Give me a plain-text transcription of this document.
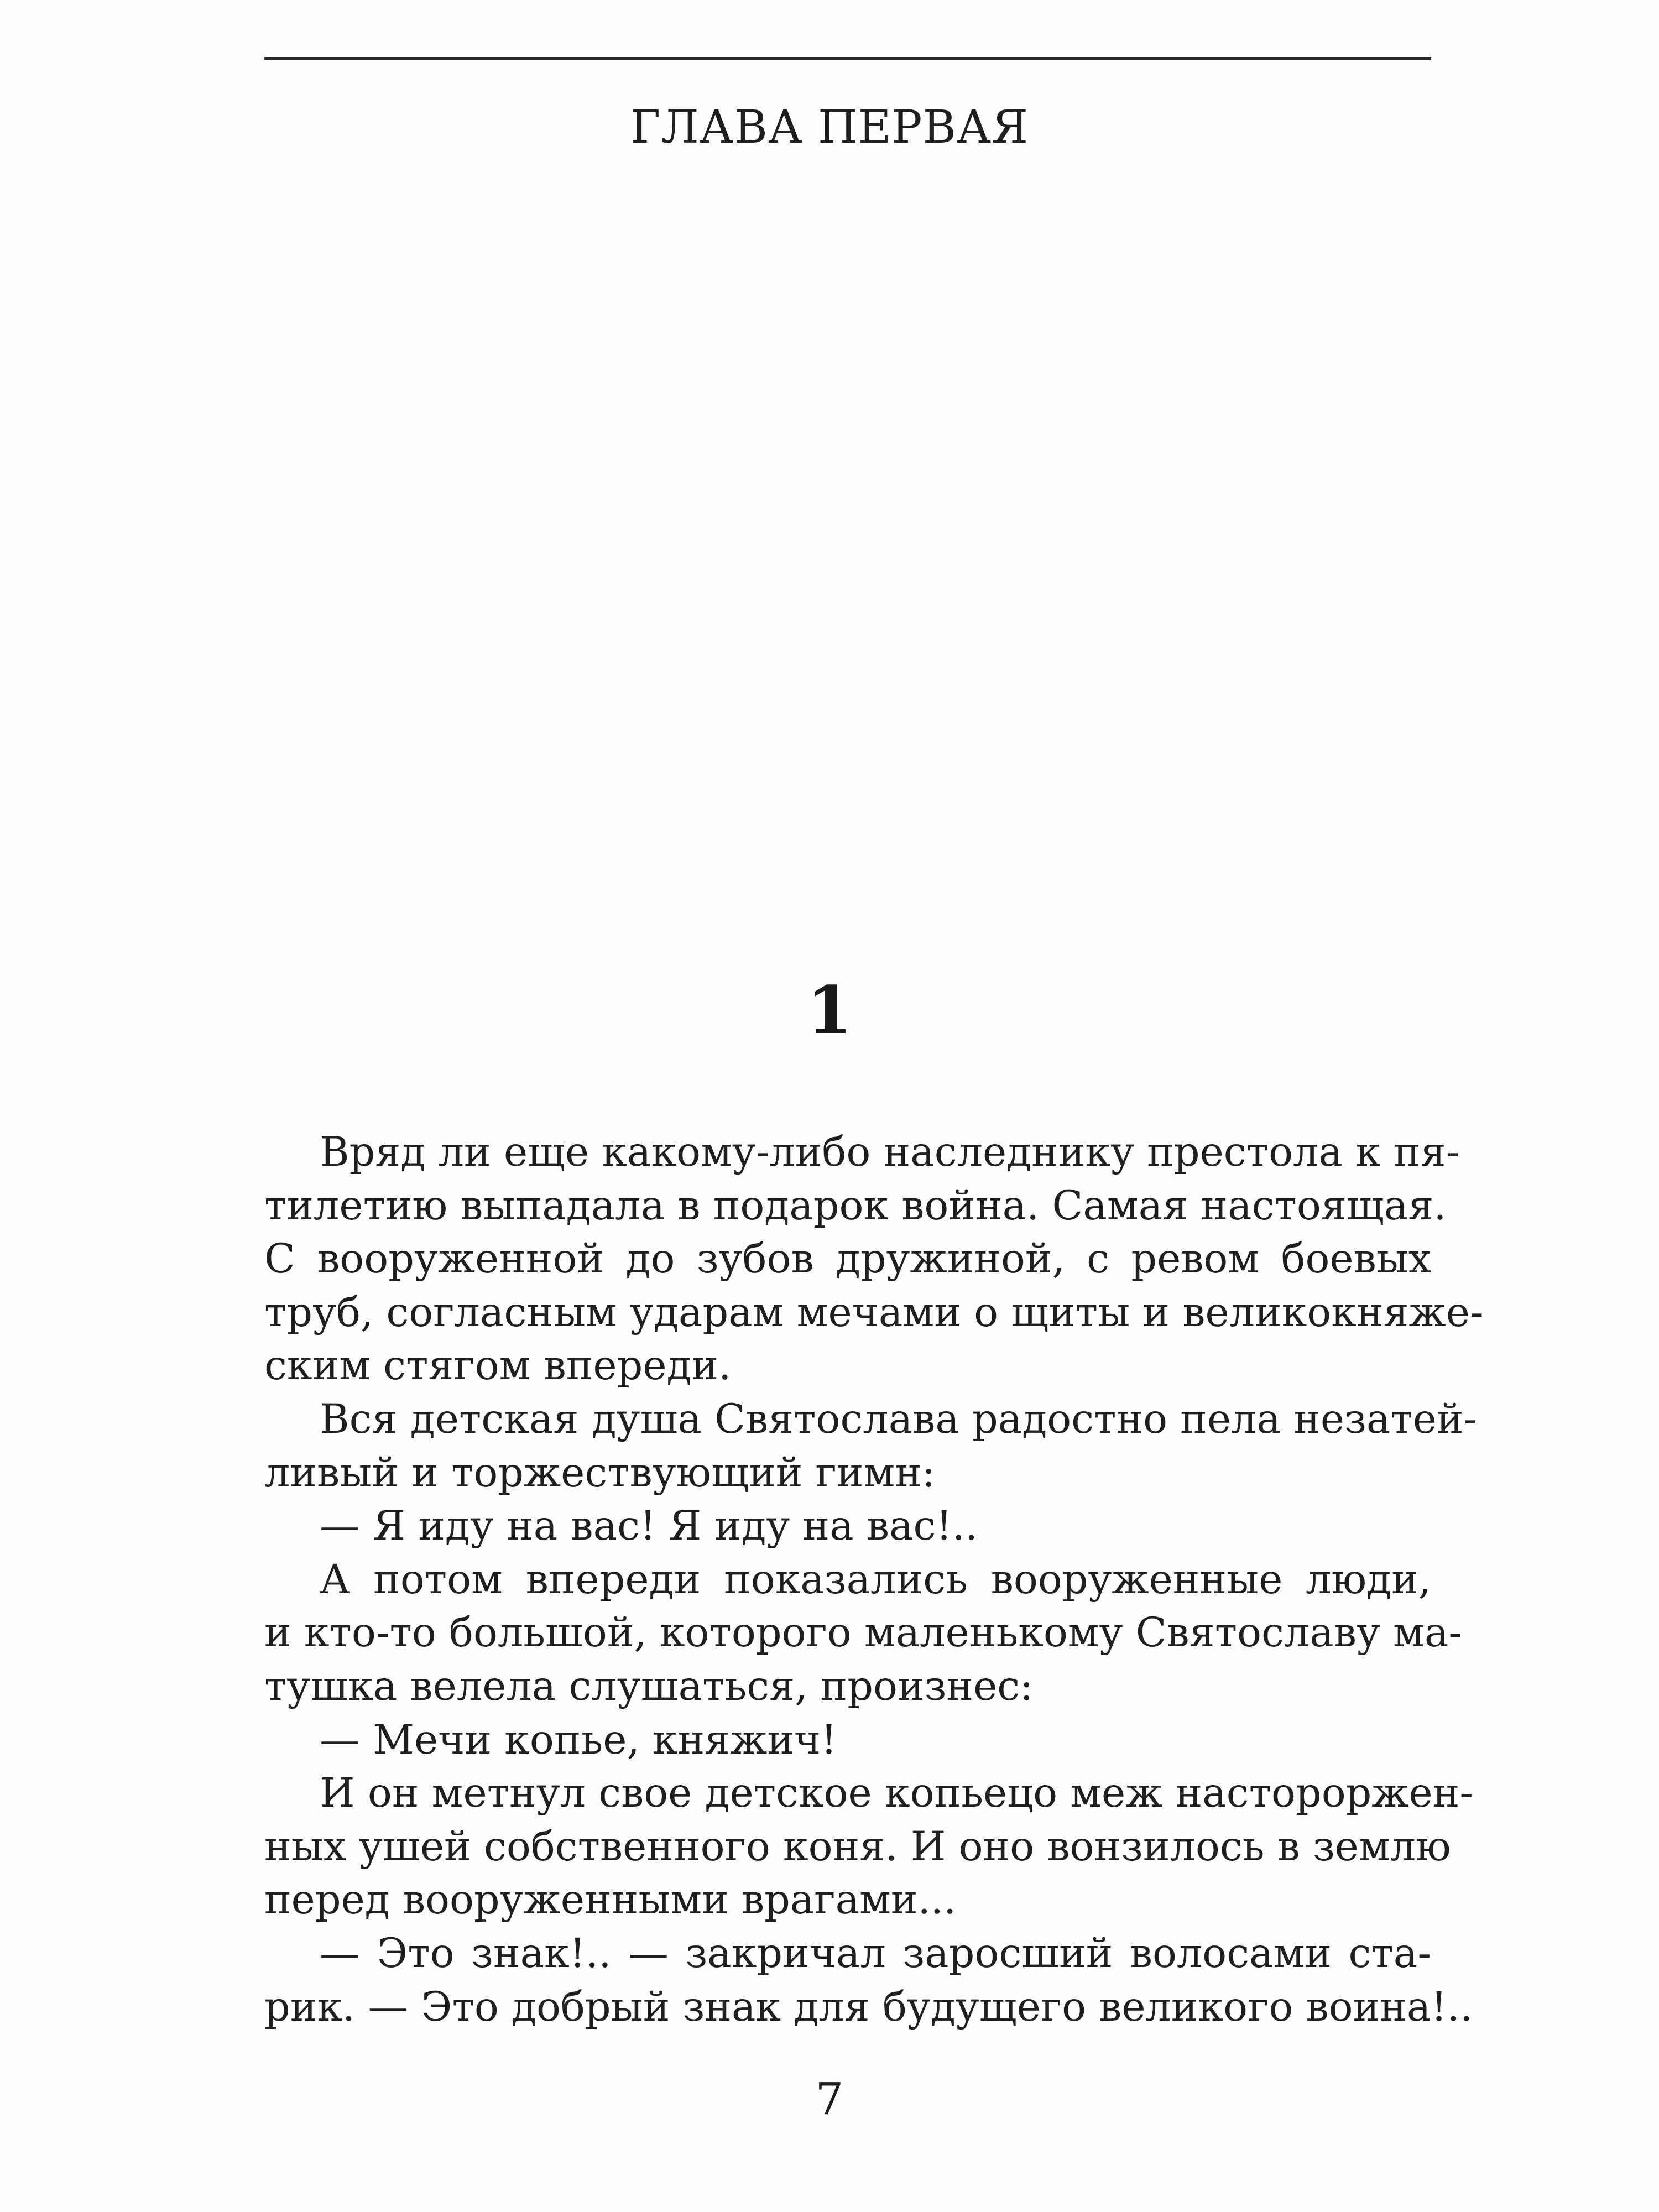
ГЛАВА ПЕРВАЯ
1
Вряд ли еще какому-либо наследнику престола к пя-
тилетию выпадала в подарок война. Самая настоящая.
С вооруженной до зубов дружиной, с ревом боевых
труб, согласным ударам мечами о щиты и великокняже-
ским стягом впереди.
Вся детская душа Святослава радостно пела незатей-
ливый и торжествующий гимн:
— Я иду на вас! Я иду на вас!..
А потом впереди показались вооруженные люди,
и кто-то большой, которого маленькому Святославу ма-
тушка велела слушаться, произнес:
— Мечи копье, княжич!
И он метнул свое детское копьецо меж настороржен-
ных ушей собственного коня. И оно вонзилось в землю
перед вооруженными врагами...
— Это знак!.. — закричал заросший волосами ста-
рик. — Это добрый знак для будущего великого воина!..
7
